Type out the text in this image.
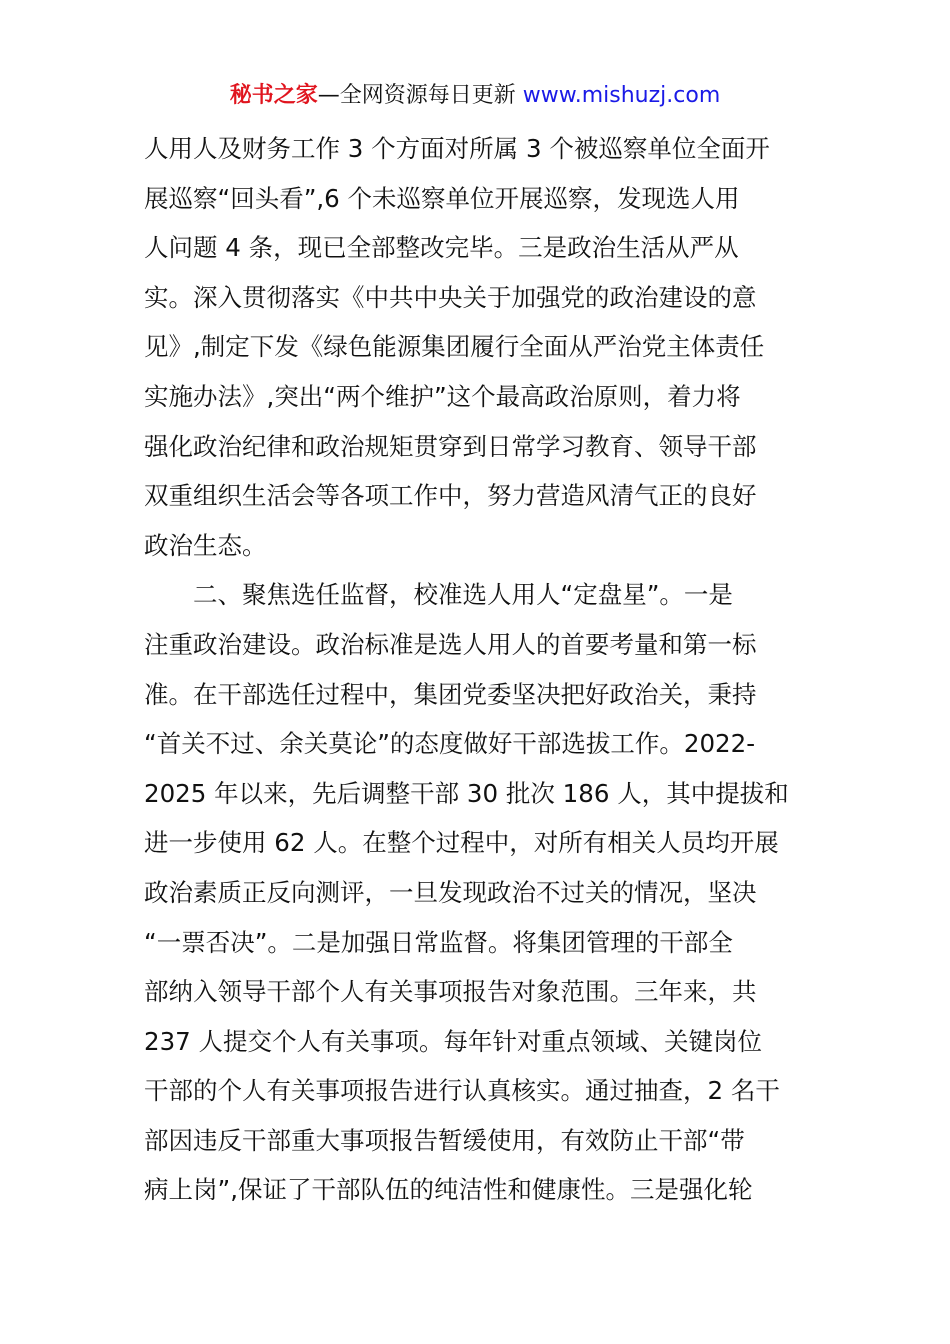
秘书之家—全网资源每日更新 www.mishuzj.com
人用人及财务工作 3 个方面对所属 3 个被巡察单位全面开
展巡察“回头看”,6 个未巡察单位开展巡察，发现选人用
人问题 4 条，现已全部整改完毕。三是政治生活从严从
实。深入贯彻落实《中共中央关于加强党的政治建设的意
见》,制定下发《绿色能源集团履行全面从严治党主体责任
实施办法》,突出“两个维护”这个最高政治原则，着力将
强化政治纪律和政治规矩贯穿到日常学习教育、领导干部
双重组织生活会等各项工作中，努力营造风清气正的良好
政治生态。
二、聚焦选任监督，校准选人用人“定盘星”。一是
注重政治建设。政治标准是选人用人的首要考量和第一标
准。在干部选任过程中，集团党委坚决把好政治关，秉持
“首关不过、余关莫论”的态度做好干部选拔工作。2022-
2025 年以来，先后调整干部 30 批次 186 人，其中提拔和
进一步使用 62 人。在整个过程中，对所有相关人员均开展
政治素质正反向测评，一旦发现政治不过关的情况，坚决
“一票否决”。二是加强日常监督。将集团管理的干部全
部纳入领导干部个人有关事项报告对象范围。三年来，共
237 人提交个人有关事项。每年针对重点领域、关键岗位
干部的个人有关事项报告进行认真核实。通过抽查，2 名干
部因违反干部重大事项报告暂缓使用，有效防止干部“带
病上岗”,保证了干部队伍的纯洁性和健康性。三是强化轮
